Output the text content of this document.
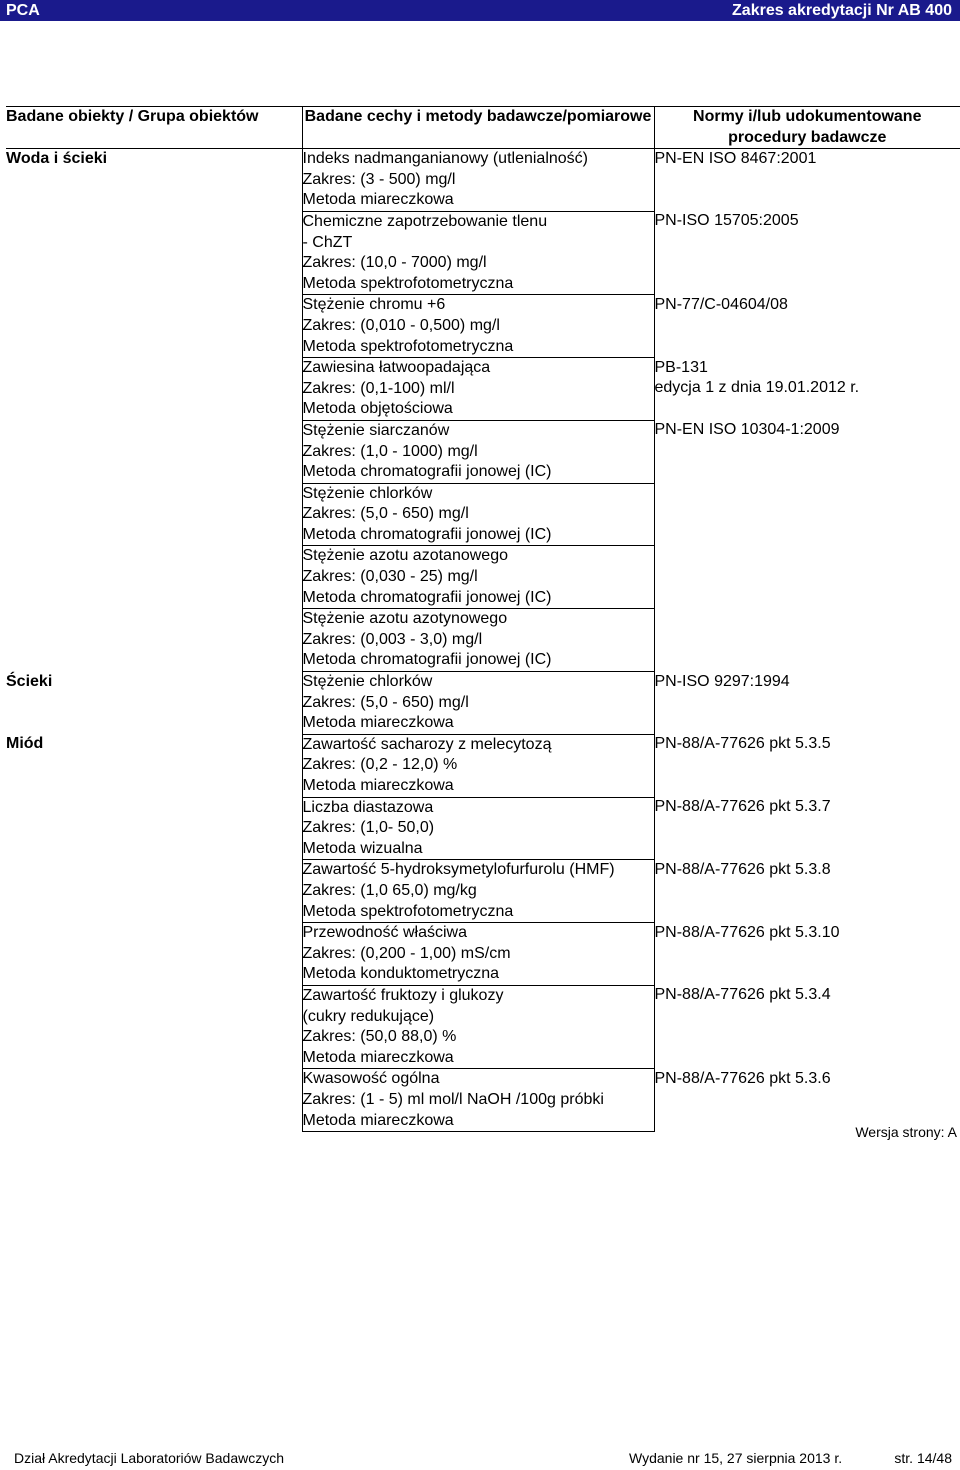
PCA	Zakres akredytacji Nr AB 400
Badane obiekty / Grupa obiektów	Badane cechy i metody badawcze/pomiarowe	Normy i/lub udokumentowane procedury badawcze
Woda i ścieki	Indeks nadmanganianowy (utlenialność)
Zakres: (3 - 500) mg/l
Metoda miareczkowa	PN-EN ISO 8467:2001

	Chemiczne zapotrzebowanie tlenu
- ChZT
Zakres: (10,0 - 7000) mg/l
Metoda spektrofotometryczna	PN-ISO 15705:2005

	Stężenie chromu +6
Zakres: (0,010 - 0,500) mg/l
Metoda spektrofotometryczna	PN-77/C-04604/08

	Zawiesina łatwoopadająca
Zakres: (0,1-100) ml/l
Metoda objętościowa	PB-131
edycja 1 z dnia 19.01.2012 r.

	Stężenie siarczanów
Zakres: (1,0 - 1000) mg/l
Metoda chromatografii jonowej (IC)	PN-EN ISO 10304-1:2009

	Stężenie chlorków
Zakres: (5,0 - 650) mg/l
Metoda chromatografii jonowej (IC)	

	Stężenie azotu azotanowego
Zakres: (0,030 - 25) mg/l
Metoda chromatografii jonowej (IC)	

	Stężenie azotu azotynowego
Zakres: (0,003 - 3,0) mg/l
Metoda chromatografii jonowej (IC)	

Ścieki	Stężenie chlorków
Zakres: (5,0 - 650) mg/l
Metoda miareczkowa	PN-ISO 9297:1994

Miód	Zawartość sacharozy z melecytozą
Zakres: (0,2 - 12,0) %
Metoda miareczkowa	PN-88/A-77626 pkt 5.3.5

	Liczba diastazowa
Zakres: (1,0- 50,0)
Metoda wizualna	PN-88/A-77626 pkt 5.3.7

	Zawartość 5-hydroksymetylofurfurolu (HMF)
Zakres: (1,0 65,0) mg/kg
Metoda spektrofotometryczna	PN-88/A-77626 pkt 5.3.8

	Przewodność właściwa
Zakres: (0,200 - 1,00) mS/cm
Metoda konduktometryczna	PN-88/A-77626 pkt 5.3.10

	Zawartość fruktozy i glukozy
(cukry redukujące)
Zakres: (50,0 88,0) %
Metoda miareczkowa	PN-88/A-77626 pkt 5.3.4

	Kwasowość ogólna
Zakres: (1 - 5) ml mol/l NaOH /100g próbki
Metoda miareczkowa	PN-88/A-77626 pkt 5.3.6
Wersja strony: A
Dział Akredytacji Laboratoriów Badawczych	Wydanie nr 15, 27 sierpnia 2013 r.	str. 14/48
